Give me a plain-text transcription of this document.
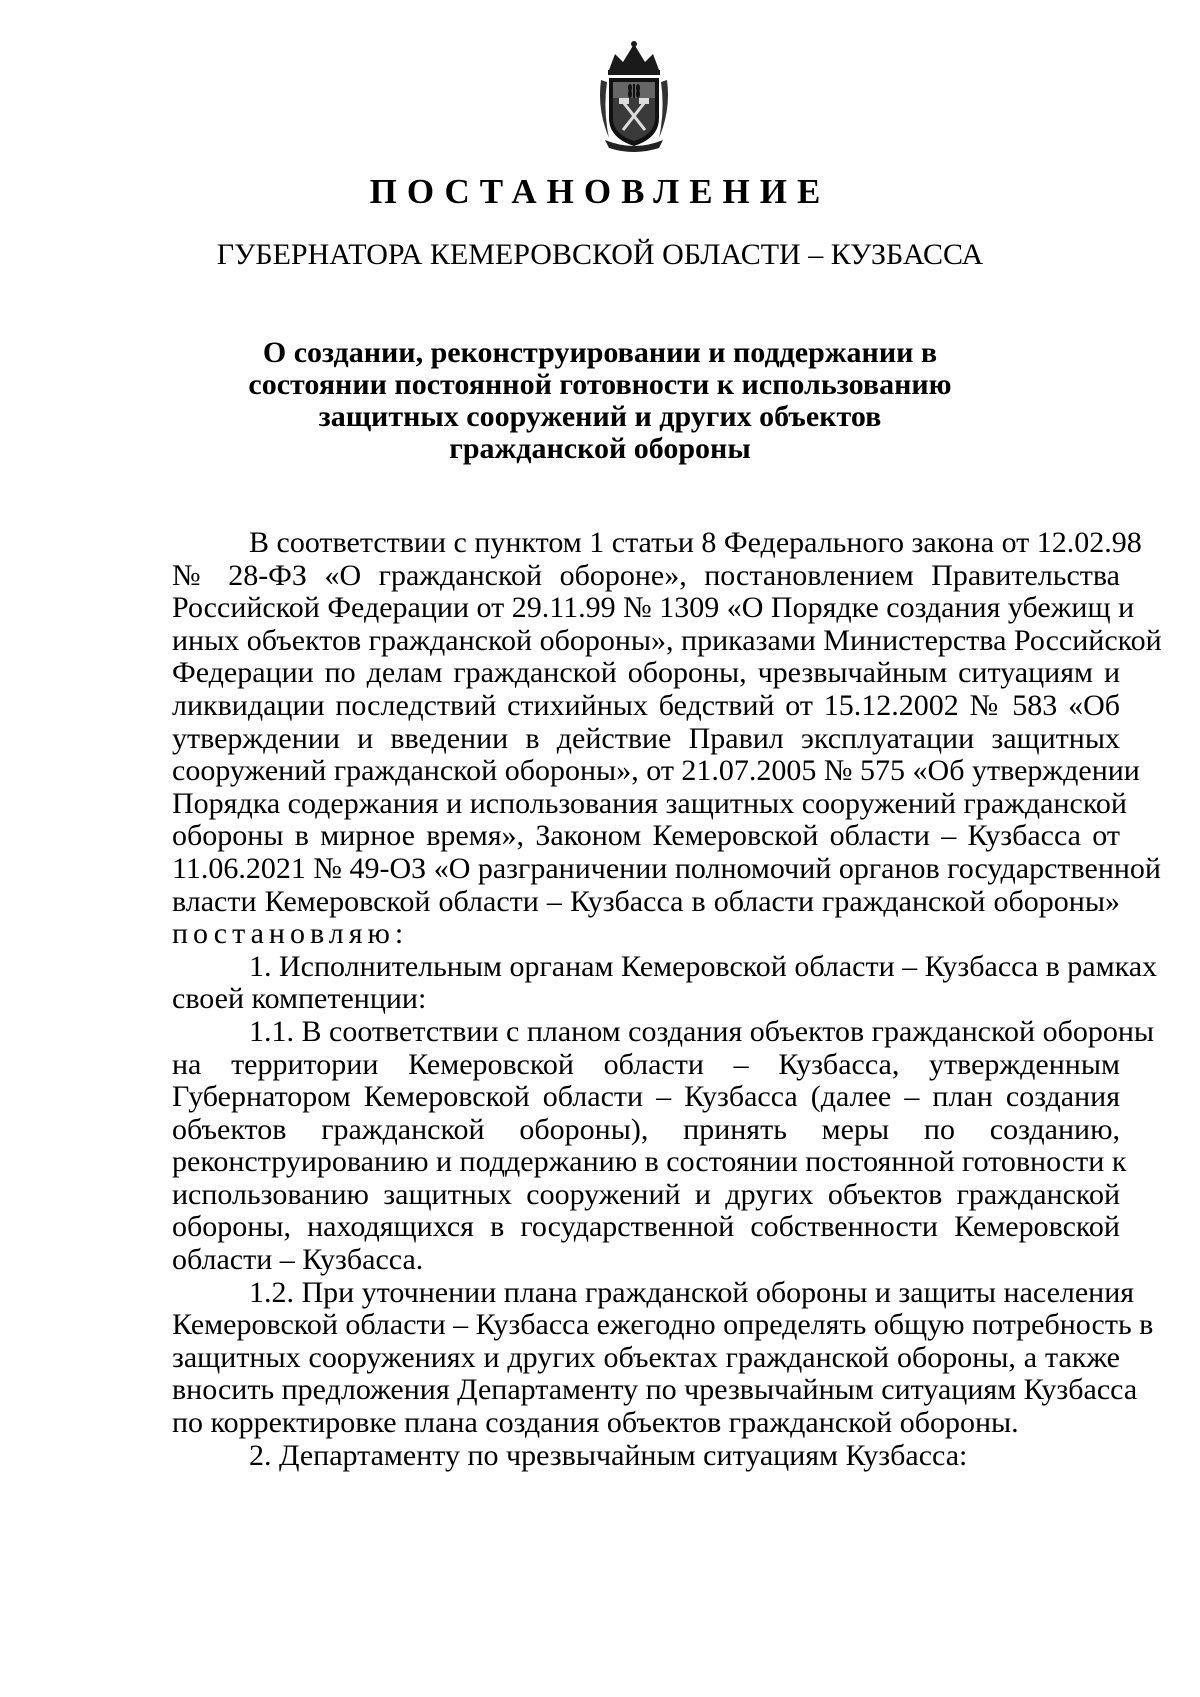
ПОСТАНОВЛЕНИЕ
ГУБЕРНАТОРА КЕМЕРОВСКОЙ ОБЛАСТИ – КУЗБАССА
О создании, реконструировании и поддержании в
состоянии постоянной готовности к использованию
защитных сооружений и других объектов
гражданской обороны
В соответствии с пунктом 1 статьи 8 Федерального закона от 12.02.98
№ 28-ФЗ «О гражданской обороне», постановлением Правительства
Российской Федерации от 29.11.99 № 1309 «О Порядке создания убежищ и
иных объектов гражданской обороны», приказами Министерства Российской
Федерации по делам гражданской обороны, чрезвычайным ситуациям и
ликвидации последствий стихийных бедствий от 15.12.2002 № 583 «Об
утверждении и введении в действие Правил эксплуатации защитных
сооружений гражданской обороны», от 21.07.2005 № 575 «Об утверждении
Порядка содержания и использования защитных сооружений гражданской
обороны в мирное время», Законом Кемеровской области – Кузбасса от
11.06.2021 № 49-ОЗ «О разграничении полномочий органов государственной
власти Кемеровской области – Кузбасса в области гражданской обороны»
постановляю:
1. Исполнительным органам Кемеровской области – Кузбасса в рамках
своей компетенции:
1.1. В соответствии с планом создания объектов гражданской обороны
на территории Кемеровской области – Кузбасса, утвержденным
Губернатором Кемеровской области – Кузбасса (далее – план создания
объектов гражданской обороны), принять меры по созданию,
реконструированию и поддержанию в состоянии постоянной готовности к
использованию защитных сооружений и других объектов гражданской
обороны, находящихся в государственной собственности Кемеровской
области – Кузбасса.
1.2. При уточнении плана гражданской обороны и защиты населения
Кемеровской области – Кузбасса ежегодно определять общую потребность в
защитных сооружениях и других объектах гражданской обороны, а также
вносить предложения Департаменту по чрезвычайным ситуациям Кузбасса
по корректировке плана создания объектов гражданской обороны.
2. Департаменту по чрезвычайным ситуациям Кузбасса:
